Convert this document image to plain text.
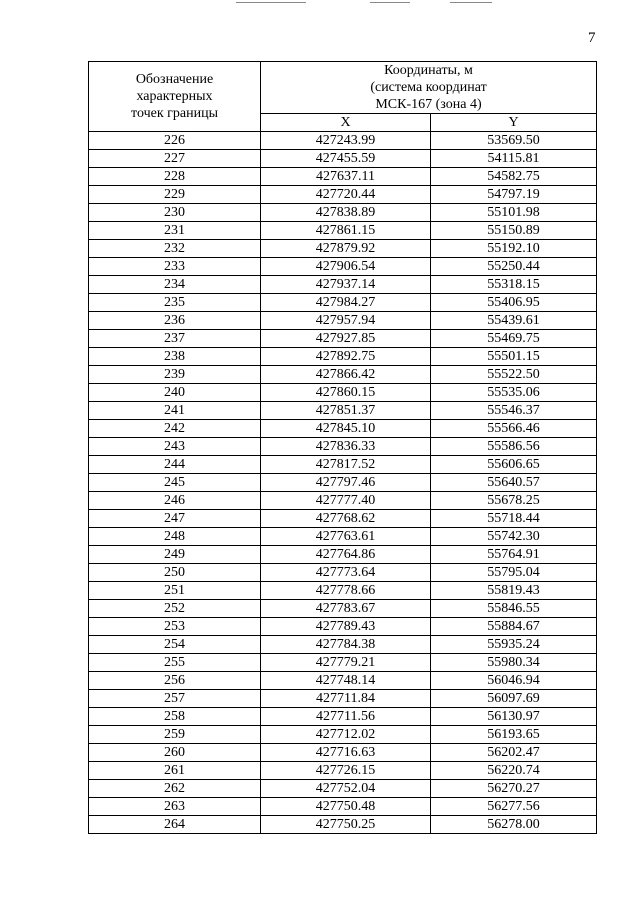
7
Обозначение
характерных
точек границы	Координаты, м
(система координат
МСК-167 (зона 4)	

	X	Y
226	427243.99	53569.50
227	427455.59	54115.81
228	427637.11	54582.75
229	427720.44	54797.19
230	427838.89	55101.98
231	427861.15	55150.89
232	427879.92	55192.10
233	427906.54	55250.44
234	427937.14	55318.15
235	427984.27	55406.95
236	427957.94	55439.61
237	427927.85	55469.75
238	427892.75	55501.15
239	427866.42	55522.50
240	427860.15	55535.06
241	427851.37	55546.37
242	427845.10	55566.46
243	427836.33	55586.56
244	427817.52	55606.65
245	427797.46	55640.57
246	427777.40	55678.25
247	427768.62	55718.44
248	427763.61	55742.30
249	427764.86	55764.91
250	427773.64	55795.04
251	427778.66	55819.43
252	427783.67	55846.55
253	427789.43	55884.67
254	427784.38	55935.24
255	427779.21	55980.34
256	427748.14	56046.94
257	427711.84	56097.69
258	427711.56	56130.97
259	427712.02	56193.65
260	427716.63	56202.47
261	427726.15	56220.74
262	427752.04	56270.27
263	427750.48	56277.56
264	427750.25	56278.00
